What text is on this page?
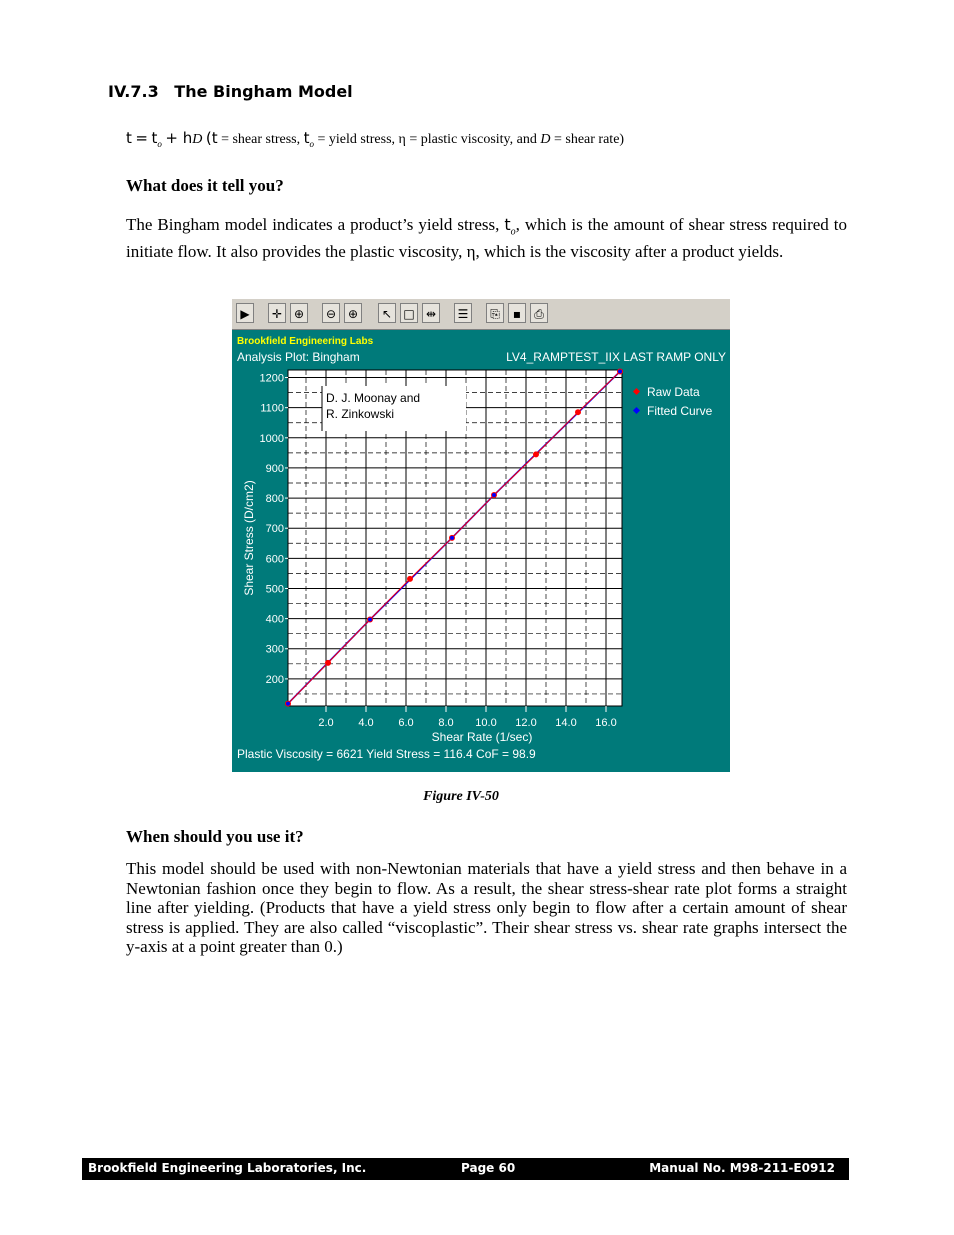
IV.7.3 The Bingham Model
$t = t_o$ + hD (t = shear stress, $t_o$ = yield stress, η = plastic viscosity, and D = shear rate)
What does it tell you?
The Bingham model indicates a product’s yield stress, $t_o$, which is the amount of shear stress required to initiate flow. It also provides the plastic viscosity, η, which is the viscosity after a product yields.
▶	✛ ⊕	⊖ ⊕	↖ □ ⇹	☰	⎘	▪	⎙
Brookfield Engineering Labs
Analysis Plot: Bingham	LV4_RAMPTEST_IIX LAST RAMP ONLY
D. J. Moonay and
R. Zinkowski
2.0 4.0 6.0 8.0 10.0 12.0 14.0 16.0
200
300
400
500
600
700
800
900
1000
1100
1200
Shear Rate (1/sec)
Shear Stress (D/cm2)
Plastic Viscosity = 6621 Yield Stress = 116.4 CoF = 98.9
Raw Data
Fitted Curve
Figure IV-50
When should you use it?
This model should be used with non-Newtonian materials that have a yield stress and then behave in a Newtonian fashion once they begin to flow. As a result, the shear stress-shear rate plot forms a straight line after yielding. (Products that have a yield stress only begin to flow after a certain amount of shear stress is applied. They are also called “viscoplastic”. Their shear stress vs. shear rate graphs intersect the y-axis at a point greater than 0.)
Brookfield Engineering Laboratories, Inc.	Page 60	Manual No. M98-211-E0912
